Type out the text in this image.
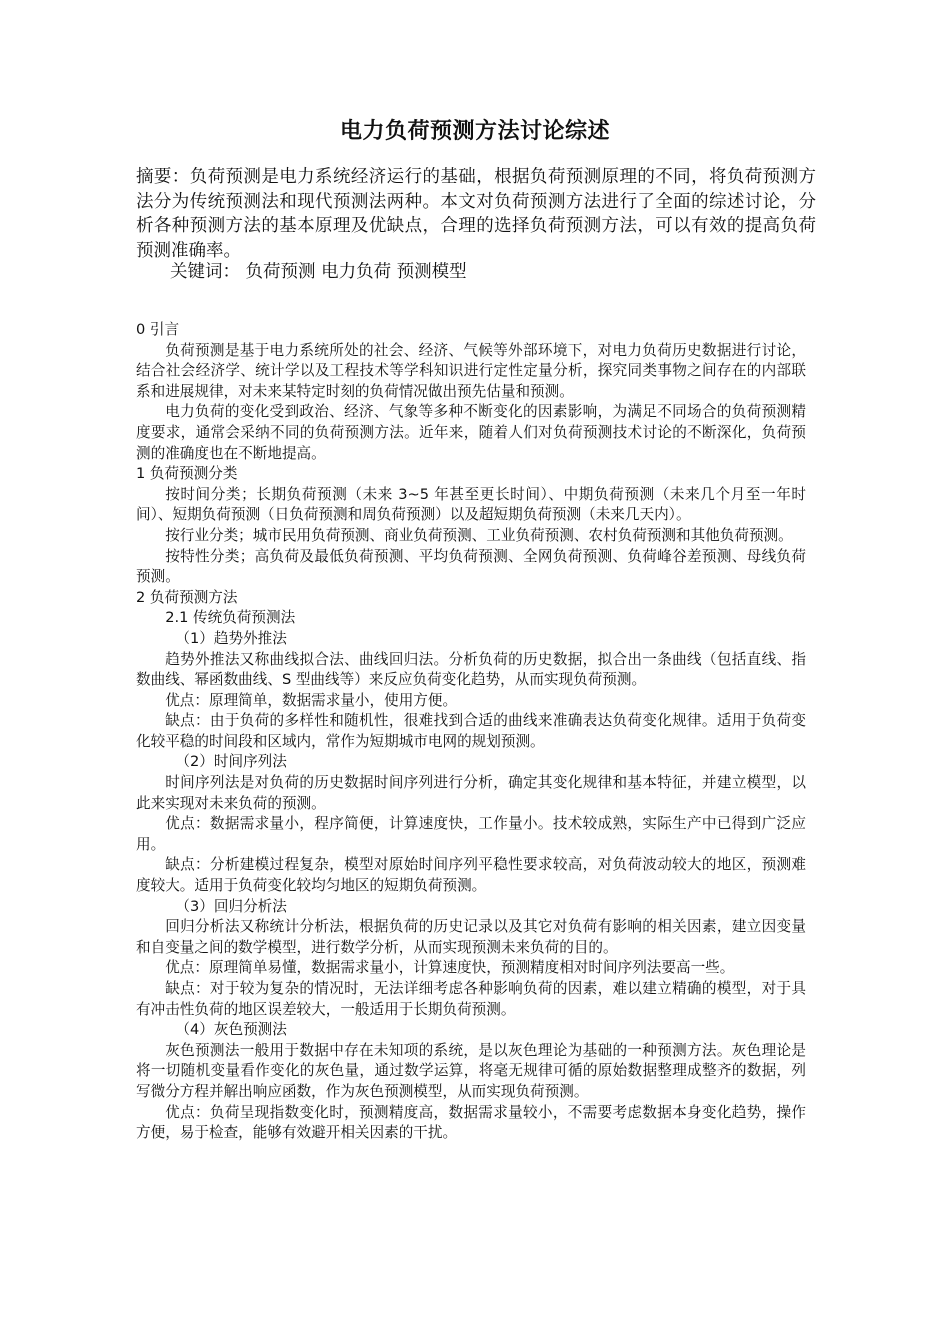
电力负荷预测方法讨论综述
摘要：负荷预测是电力系统经济运行的基础，根据负荷预测原理的不同，将负荷预测方法分为传统预测法和现代预测法两种。本文对负荷预测方法进行了全面的综述讨论，分析各种预测方法的基本原理及优缺点，合理的选择负荷预测方法，可以有效的提高负荷预测准确率。
关键词： 负荷预测 电力负荷 预测模型

0 引言

负荷预测是基于电力系统所处的社会、经济、气候等外部环境下，对电力负荷历史数据进行讨论，结合社会经济学、统计学以及工程技术等学科知识进行定性定量分析，探究同类事物之间存在的内部联系和进展规律，对未来某特定时刻的负荷情况做出预先估量和预测。

电力负荷的变化受到政治、经济、气象等多种不断变化的因素影响，为满足不同场合的负荷预测精度要求，通常会采纳不同的负荷预测方法。近年来，随着人们对负荷预测技术讨论的不断深化，负荷预测的准确度也在不断地提高。

1 负荷预测分类

按时间分类；长期负荷预测（未来 3~5 年甚至更长时间）、中期负荷预测（未来几个月至一年时间）、短期负荷预测（日负荷预测和周负荷预测）以及超短期负荷预测（未来几天内）。

按行业分类；城市民用负荷预测、商业负荷预测、工业负荷预测、农村负荷预测和其他负荷预测。

按特性分类；高负荷及最低负荷预测、平均负荷预测、全网负荷预测、负荷峰谷差预测、母线负荷预测。

2 负荷预测方法

2.1 传统负荷预测法

（1）趋势外推法

趋势外推法又称曲线拟合法、曲线回归法。分析负荷的历史数据，拟合出一条曲线（包括直线、指数曲线、幂函数曲线、S 型曲线等）来反应负荷变化趋势，从而实现负荷预测。

优点：原理简单，数据需求量小，使用方便。

缺点：由于负荷的多样性和随机性，很难找到合适的曲线来准确表达负荷变化规律。适用于负荷变化较平稳的时间段和区域内，常作为短期城市电网的规划预测。

（2）时间序列法

时间序列法是对负荷的历史数据时间序列进行分析，确定其变化规律和基本特征，并建立模型，以此来实现对未来负荷的预测。

优点：数据需求量小，程序简便，计算速度快，工作量小。技术较成熟，实际生产中已得到广泛应用。

缺点：分析建模过程复杂，模型对原始时间序列平稳性要求较高，对负荷波动较大的地区，预测难度较大。适用于负荷变化较均匀地区的短期负荷预测。

（3）回归分析法

回归分析法又称统计分析法，根据负荷的历史记录以及其它对负荷有影响的相关因素，建立因变量和自变量之间的数学模型，进行数学分析，从而实现预测未来负荷的目的。

优点：原理简单易懂，数据需求量小，计算速度快，预测精度相对时间序列法要高一些。

缺点：对于较为复杂的情况时，无法详细考虑各种影响负荷的因素，难以建立精确的模型，对于具有冲击性负荷的地区误差较大，一般适用于长期负荷预测。

（4）灰色预测法

灰色预测法一般用于数据中存在未知项的系统，是以灰色理论为基础的一种预测方法。灰色理论是将一切随机变量看作变化的灰色量，通过数学运算，将毫无规律可循的原始数据整理成整齐的数据，列写微分方程并解出响应函数，作为灰色预测模型，从而实现负荷预测。

优点：负荷呈现指数变化时，预测精度高，数据需求量较小，不需要考虑数据本身变化趋势，操作方便，易于检查，能够有效避开相关因素的干扰。
